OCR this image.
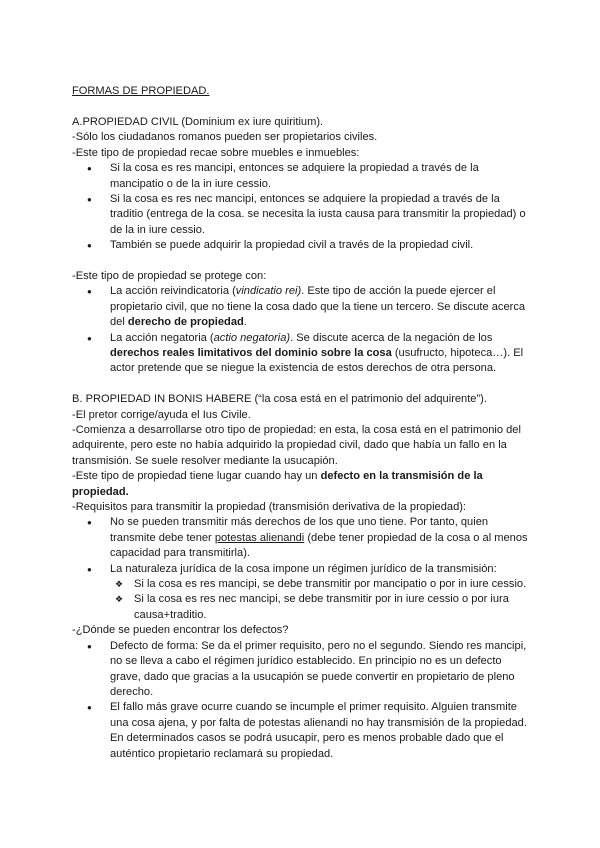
FORMAS DE PROPIEDAD.

A.PROPIEDAD CIVIL (Dominium ex iure quiritium).

-Sólo los ciudadanos romanos pueden ser propietarios civiles.

-Este tipo de propiedad recae sobre muebles e inmuebles:

● Si la cosa es res mancipi, entonces se adquiere la propiedad a través de la mancipatio o de la in iure cessio.
● Si la cosa es res nec mancipi, entonces se adquiere la propiedad a través de la traditio (entrega de la cosa. se necesita la iusta causa para transmitir la propiedad) o de la in iure cessio.
● También se puede adquirir la propiedad civil a través de la propiedad civil.

-Este tipo de propiedad se protege con:

● La acción reivindicatoria (vindicatio rei). Este tipo de acción la puede ejercer el propietario civil, que no tiene la cosa dado que la tiene un tercero. Se discute acerca del derecho de propiedad.
● La acción negatoria (actio negatoria). Se discute acerca de la negación de los derechos reales limitativos del dominio sobre la cosa (usufructo, hipoteca…). El actor pretende que se niegue la existencia de estos derechos de otra persona.

B. PROPIEDAD IN BONIS HABERE (“la cosa está en el patrimonio del adquirente”).

-El pretor corrige/ayuda el Ius Civile.

-Comienza a desarrollarse otro tipo de propiedad: en esta, la cosa está en el patrimonio del adquirente, pero este no había adquirido la propiedad civil, dado que había un fallo en la transmisión. Se suele resolver mediante la usucapión.

-Este tipo de propiedad tiene lugar cuando hay un defecto en la transmisión de la propiedad.

-Requisitos para transmitir la propiedad (transmisión derivativa de la propiedad):

● No se pueden transmitir más derechos de los que uno tiene. Por tanto, quien transmite debe tener potestas alienandi (debe tener propiedad de la cosa o al menos capacidad para transmitirla).
● La naturaleza jurídica de la cosa impone un régimen jurídico de la transmisión:
❖ Si la cosa es res mancipi, se debe transmitir por mancipatio o por in iure cessio.
❖ Si la cosa es res nec mancipi, se debe transmitir por in iure cessio o por iura causa+traditio.

-¿Dónde se pueden encontrar los defectos?

● Defecto de forma: Se da el primer requisito, pero no el segundo. Siendo res mancipi, no se lleva a cabo el régimen jurídico establecido. En principio no es un defecto grave, dado que gracias a la usucapión se puede convertir en propietario de pleno derecho.
● El fallo más grave ocurre cuando se incumple el primer requisito. Alguien transmite una cosa ajena, y por falta de potestas alienandi no hay transmisión de la propiedad. En determinados casos se podrá usucapir, pero es menos probable dado que el auténtico propietario reclamará su propiedad.
